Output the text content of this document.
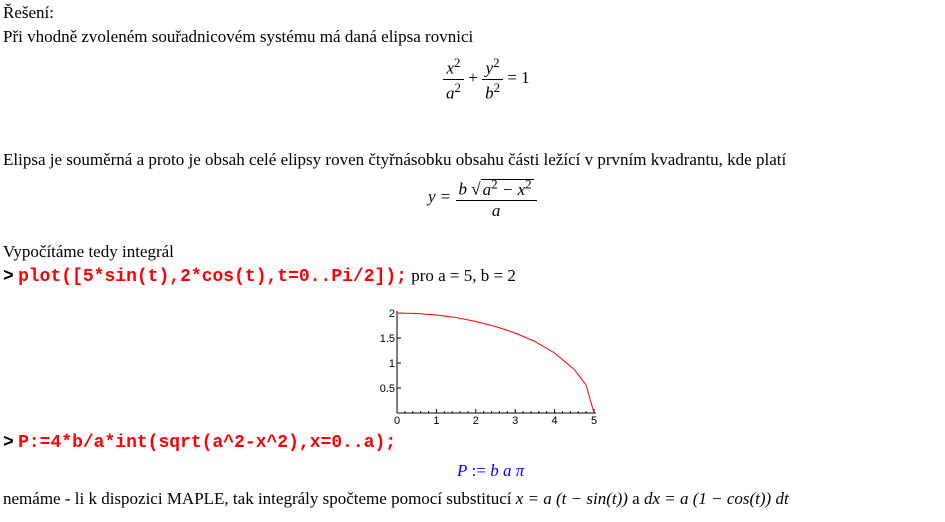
Řešení:
Při vhodně zvoleném souřadnicovém systému má daná elipsa rovnici
$\frac{x^2}{a^2} + \frac{y^2}{b^2} = 1$
Elipsa je souměrná a proto je obsah celé elipsy roven čtyřnásobku obsahu části ležící v prvním kvadrantu, kde platí
$y = \frac{b √ a^2 - x^2}{a}$
Vypočítáme tedy integrál
> plot([5*sin(t),2*cos(t),t=0..Pi/2]); pro a = 5, b = 2
0	1	2	3	4	5
0.5
1
1.5
2
> P:=4*b/a*int(sqrt(a^2-x^2),x=0..a);
P := b a π
nemáme - li k dispozici MAPLE, tak integrály spočteme pomocí substitucí x = a (t − sin(t)) a dx = a (1 − cos(t)) dt
